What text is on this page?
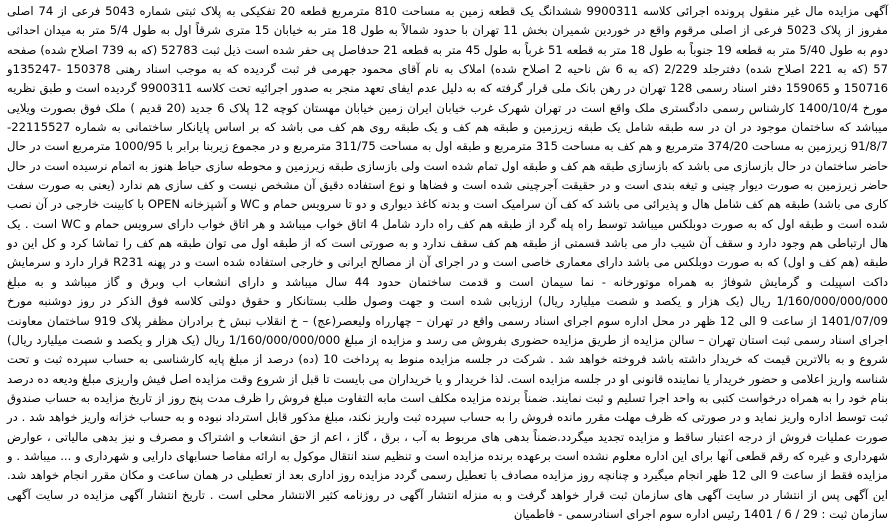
آگهی مزایده مال غیر منقول پرونده اجرائی کلاسه 9900311 ششدانگ یک قطعه زمین به مساحت 810 مترمربع قطعه 20 تفکیکی به پلاک ثبتی شماره 5043 فرعی از 74 اصلی مفروز از پلاک 5023 فرعی از اصلی مرقوم واقع در خوردین شمیران بخش 11 تهران با حدود شمالاً به طول 18 متر به خیابان 15 متری شرقاً اول به طول 5/4 متر به میدان احداثی دوم به طول 5/40 متر به قطعه 19 جنوباً به طول 18 متر به قطعه 51 غرباً به طول 45 متر به قطعه 21 حدفاصل پی حفر شده است ذیل ثبت 52783 (که به 739 اصلاح شده) صفحه 57 (که به 221 اصلاح شده) دفترجلد 2/229 (که به 6 ش ناحیه 2 اصلاح شده) املاک به نام آقای محمود جهرمی فر ثبت گردیده که به موجب اسناد رهنی 150378 -135247و 150716 و 159065 دفتر اسناد رسمی 128 تهران در رهن بانک ملی قرار گرفته که به دلیل عدم ایفای تعهد منجر به صدور اجرائیه تحت کلاسه 9900311 گردیده است و طبق نظریه مورخ 1400/10/4 کارشناس رسمی دادگستری ملک واقع است در تهران شهرک غرب خیابان ایران زمین خیابان مهستان کوچه 12 پلاک 6 جدید (20 قدیم ) ملک فوق بصورت ویلایی میباشد که ساختمان موجود در ان در سه طبقه شامل یک طبقه زیرزمین و طبقه هم کف و یک طبقه روی هم کف می باشد که بر اساس پایانکار ساختمانی به شماره 22115527- 91/8/7 زیرزمین به مساحت 374/20 مترمربع و هم کف به مساحت 315 مترمربع و طبقه اول به مساحت 311/75 مترمربع و در مجموع زیربنا برابر با 1000/95 مترمربع است در حال حاضر ساختمان در حال بازسازی می باشد که بازسازی طبقه هم کف و طبقه اول تمام شده است ولی بازسازی طبقه زیرزمین و محوطه سازی حیاط هنوز به اتمام نرسیده است در حال حاضر زیرزمین به صورت دیوار چینی و تیغه بندی است و در حقیقت آجرچینی شده است و فضاها و نوع استفاده دقیق آن مشخص نیست و کف سازی هم ندارد (یعنی به صورت سفت کاری می باشد) طبقه هم کف شامل هال و پذیرائی می باشد که کف آن سرامیک است و بدنه کاغذ دیواری و دو تا سرویس حمام و WC و آشپزخانه OPEN با کابینت خارجی در آن نصب شده است و طبقه اول که به صورت دوبلکس میباشد توسط راه پله گرد از طبقه هم کف راه دارد شامل 4 اتاق خواب میباشد و هر اتاق خواب دارای سرویس حمام و WC است . یک هال ارتباطی هم وجود دارد و سقف آن شیب دار می باشد قسمتی از طبقه هم کف سقف ندارد و به صورتی است که از طبقه اول می توان طبقه هم کف را تماشا کرد و کل این دو طبقه (هم کف و اول) که به صورت دوبلکس می باشد دارای معماری خاصی است و در اجرای آن از مصالح ایرانی و خارجی استفاده شده است و در پهنه R231 قرار دارد و سرمایش داکت اسپیلت و گرمایش شوفاژ به همراه موتورخانه - نما سیمان است و قدمت ساختمان حدود 44 سال میباشد و دارای انشعاب اب وبرق و گاز میباشد و به مبلغ 1/160/000/000/000 ریال (یک هزار و یکصد و شصت میلیارد ریال) ارزیابی شده است و جهت وصول طلب بستانکار و حقوق دولتی کلاسه فوق الذکر در روز دوشنبه مورخ 1401/07/09 از ساعت 9 الی 12 ظهر در محل اداره سوم اجرای اسناد رسمی واقع در تهران – چهارراه ولیعصر(عج) – خ انقلاب نبش خ برادران مظفر پلاک 919 ساختمان معاونت اجرای اسناد رسمی ثبت استان تهران – سالن مزایده از طریق مزایده حضوری بفروش می رسد و مزایده از مبلغ 1/160/000/000/000 ریال (یک هزار و یکصد و شصت میلیارد ریال) شروع و به بالاترین قیمت که خریدار داشته باشد فروخته خواهد شد . شرکت در جلسه مزایده منوط به پرداخت 10 (ده) درصد از مبلغ پایه کارشناسی به حساب سپرده ثبت و تحت شناسه واریز اعلامی و حضور خریدار یا نماینده قانونی او در جلسه مزایده است. لذا خریدار و یا خریداران می بایست تا قبل از شروع وقت مزایده اصل فیش واریزی مبلغ ودیعه ده درصد بنام خود را به همراه درخواست کتبی به واحد اجرا تسلیم و ثبت نمایند. ضمناً برنده مزایده مکلف است مابه التفاوت مبلغ فروش را ظرف مدت پنج روز از تاریخ مزایده به حساب صندوق ثبت توسط اداره واریز نماید و در صورتی که ظرف مهلت مقرر مانده فروش را به حساب سپرده ثبت واریز نکند، مبلغ مذکور قابل استرداد نبوده و به حساب خزانه واریز خواهد شد . در صورت عملیات فروش از درجه اعتبار ساقط و مزایده تجدید میگردد.ضمناً بدهی های مربوط به آب ، برق ، گاز ، اعم از حق انشعاب و اشتراک و مصرف و نیز بدهی مالیاتی ، عوارض شهرداری و غیره که رقم قطعی آنها برای این اداره معلوم نشده است برعهده برنده مزایده است و تنظیم سند انتقال موکول به ارائه مفاصا حسابهای دارایی و شهرداری و ... میباشد . و مزایده فقط از ساعت 9 الی 12 ظهر انجام میگیرد و چنانچه روز مزایده مصادف با تعطیل رسمی گردد مزایده روز اداری بعد از تعطیلی در همان ساعت و مکان مقرر انجام خواهد شد. این آگهی پس از انتشار در سایت آگهی های سازمان ثبت قرار خواهد گرفت و به منزله انتشار آگهی در روزنامه کثیر الانتشار محلی است . تاریخ انتشار آگهی مزایده در سایت آگهی سازمان ثبت : 29 / 6 / 1401 رئیس اداره سوم اجرای اسنادرسمی - فاطمیان
